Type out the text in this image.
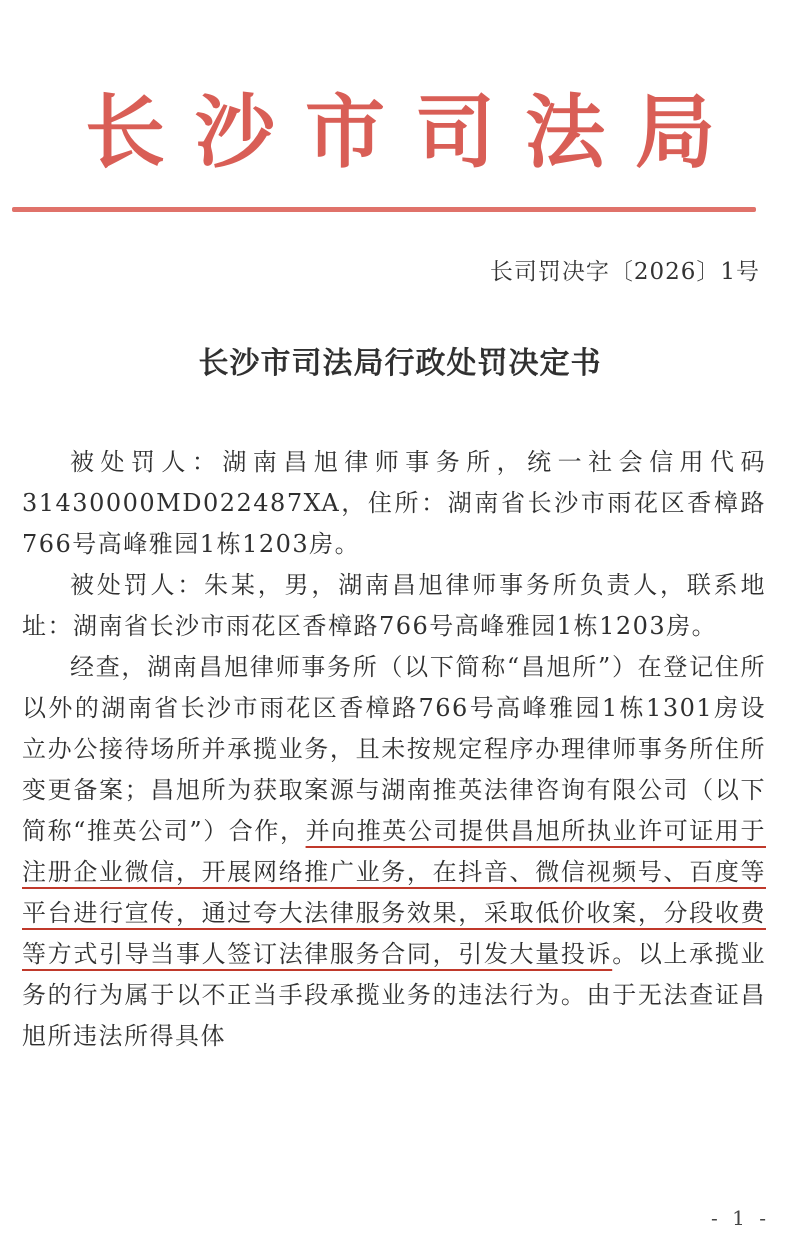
长沙市司法局
长司罚决字〔2026〕1号
长沙市司法局行政处罚决定书

被处罚人：湖南昌旭律师事务所，统一社会信用代码31430000MD022487XA，住所：湖南省长沙市雨花区香樟路766号高峰雅园1栋1203房。

被处罚人：朱某，男，湖南昌旭律师事务所负责人，联系地址：湖南省长沙市雨花区香樟路766号高峰雅园1栋1203房。

经查，湖南昌旭律师事务所（以下简称“昌旭所”）在登记住所以外的湖南省长沙市雨花区香樟路766号高峰雅园1栋1301房设立办公接待场所并承揽业务，且未按规定程序办理律师事务所住所变更备案；昌旭所为获取案源与湖南推英法律咨询有限公司（以下简称“推英公司”）合作，并向推英公司提供昌旭所执业许可证用于注册企业微信，开展网络推广业务，在抖音、微信视频号、百度等平台进行宣传，通过夸大法律服务效果，采取低价收案，分段收费等方式引导当事人签订法律服务合同，引发大量投诉。以上承揽业务的行为属于以不正当手段承揽业务的违法行为。由于无法查证昌旭所违法所得具体

- 1 -
